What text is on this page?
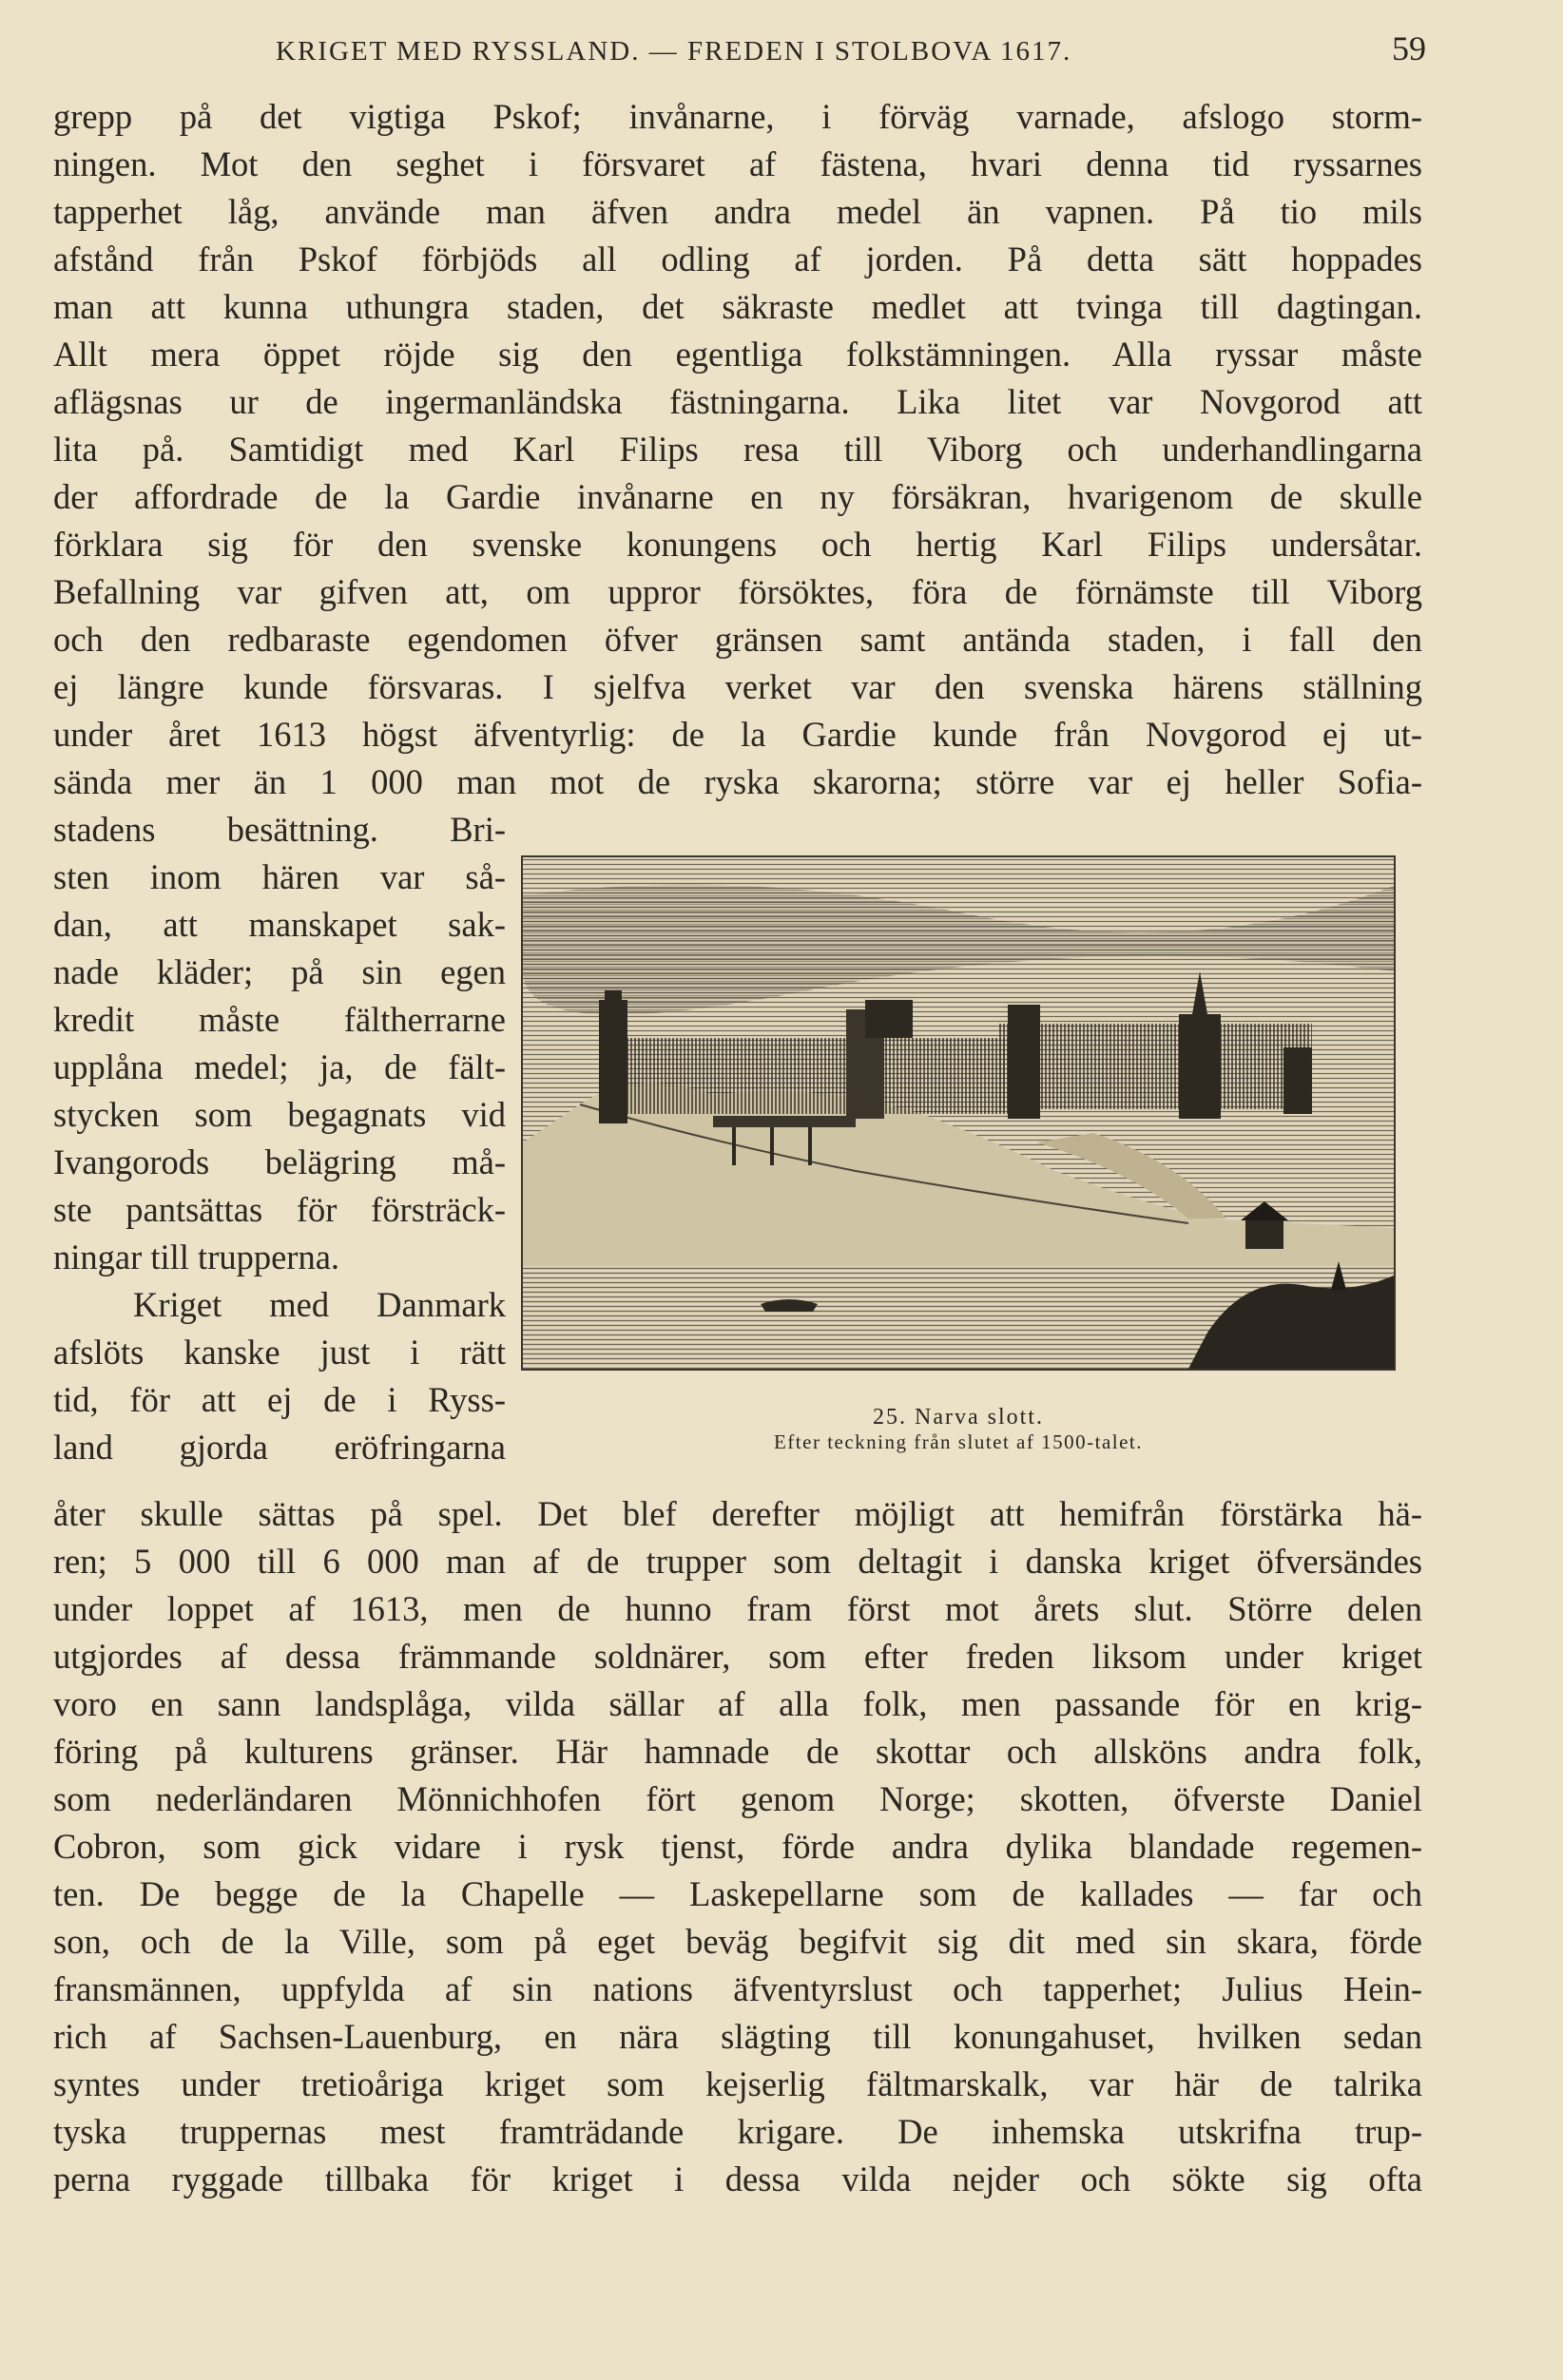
KRIGET MED RYSSLAND. — FREDEN I STOLBOVA 1617.	59
grepp på det vigtiga Pskof; invånarne, i förväg varnade, afslogo storm-
ningen. Mot den seghet i försvaret af fästena, hvari denna tid ryssarnes
tapperhet låg, använde man äfven andra medel än vapnen. På tio mils
afstånd från Pskof förbjöds all odling af jorden. På detta sätt hoppades
man att kunna uthungra staden, det säkraste medlet att tvinga till dagtingan.
Allt mera öppet röjde sig den egentliga folkstämningen. Alla ryssar måste
aflägsnas ur de ingermanländska fästningarna. Lika litet var Novgorod att
lita på. Samtidigt med Karl Filips resa till Viborg och underhandlingarna
der affordrade de la Gardie invånarne en ny försäkran, hvarigenom de skulle
förklara sig för den svenske konungens och hertig Karl Filips undersåtar.
Befallning var gifven att, om uppror försöktes, föra de förnämste till Viborg
och den redbaraste egendomen öfver gränsen samt antända staden, i fall den
ej längre kunde försvaras. I sjelfva verket var den svenska härens ställning
under året 1613 högst äfventyrlig: de la Gardie kunde från Novgorod ej ut-
sända mer än 1 000 man mot de ryska skarorna; större var ej heller Sofia-
stadens besättning. Bri-
sten inom hären var så-
dan, att manskapet sak-
nade kläder; på sin egen
kredit måste fältherrarne
upplåna medel; ja, de fält-
stycken som begagnats vid
Ivangorods belägring må-
ste pantsättas för försträck-
ningar till trupperna.
Kriget med Danmark
afslöts kanske just i rätt
tid, för att ej de i Ryss-
land gjorda eröfringarna
25. Narva slott.
Efter teckning från slutet af 1500-talet.
åter skulle sättas på spel. Det blef derefter möjligt att hemifrån förstärka hä-
ren; 5 000 till 6 000 man af de trupper som deltagit i danska kriget öfversändes
under loppet af 1613, men de hunno fram först mot årets slut. Större delen
utgjordes af dessa främmande soldnärer, som efter freden liksom under kriget
voro en sann landsplåga, vilda sällar af alla folk, men passande för en krig-
föring på kulturens gränser. Här hamnade de skottar och allsköns andra folk,
som nederländaren Mönnichhofen fört genom Norge; skotten, öfverste Daniel
Cobron, som gick vidare i rysk tjenst, förde andra dylika blandade regemen-
ten. De begge de la Chapelle — Laskepellarne som de kallades — far och
son, och de la Ville, som på eget beväg begifvit sig dit med sin skara, förde
fransmännen, uppfylda af sin nations äfventyrslust och tapperhet; Julius Hein-
rich af Sachsen-Lauenburg, en nära slägting till konungahuset, hvilken sedan
syntes under tretioåriga kriget som kejserlig fältmarskalk, var här de talrika
tyska truppernas mest framträdande krigare. De inhemska utskrifna trup-
perna ryggade tillbaka för kriget i dessa vilda nejder och sökte sig ofta
